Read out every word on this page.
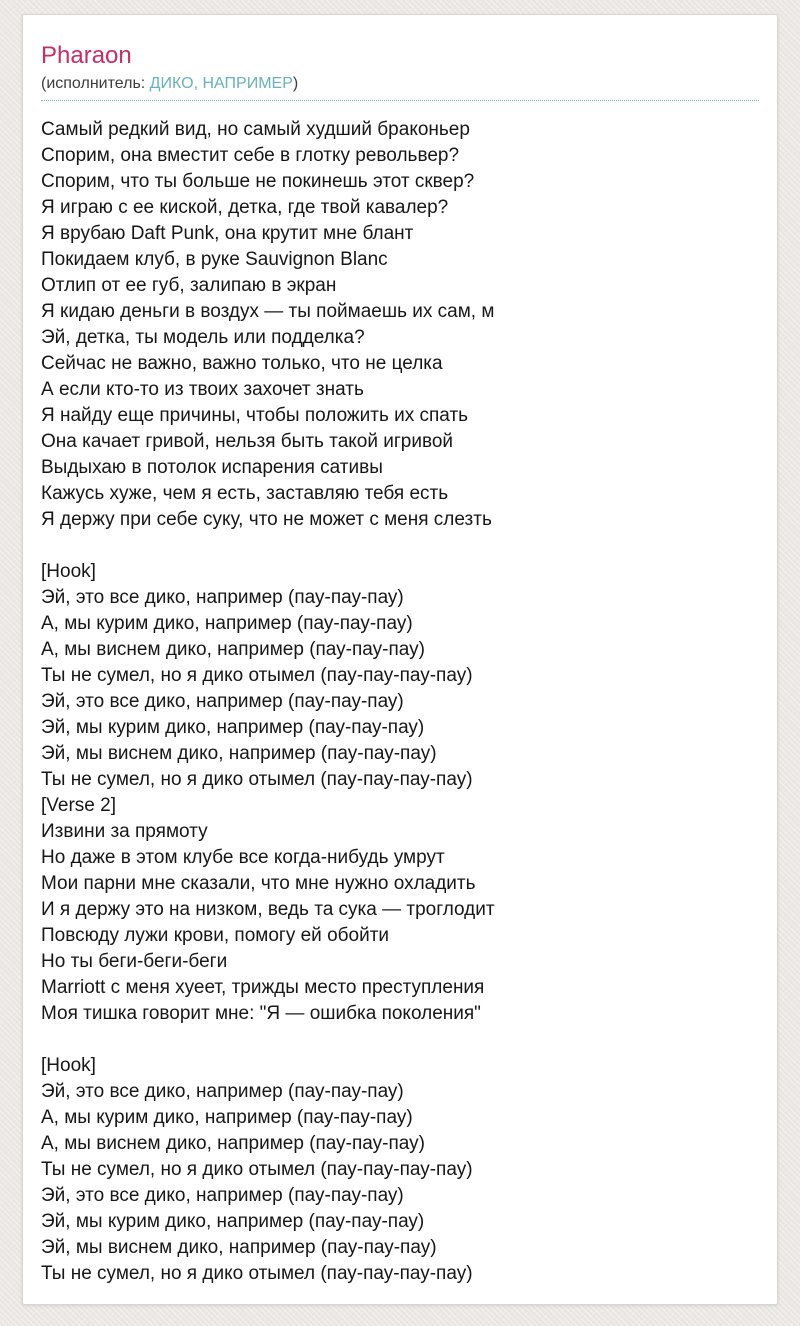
Pharaon
(исполнитель: ДИКО, НАПРИМЕР)
Самый редкий вид, но самый худший браконьер
Спорим, она вместит себе в глотку револьвер?
Спорим, что ты больше не покинешь этот сквер?
Я играю с ее киской, детка, где твой кавалер?
Я врубаю Daft Punk, она крутит мне блант
Покидаем клуб, в руке Sauvignon Blanc
Отлип от ее губ, залипаю в экран
Я кидаю деньги в воздух — ты поймаешь их сам, м
Эй, детка, ты модель или подделка?
Сейчас не важно, важно только, что не целка
А если кто-то из твоих захочет знать
Я найду еще причины, чтобы положить их спать
Она качает гривой, нельзя быть такой игривой
Выдыхаю в потолок испарения сативы
Кажусь хуже, чем я есть, заставляю тебя есть
Я держу при себе суку, что не может с меня слезть

[Hook]
Эй, это все дико, например (пау-пау-пау)
А, мы курим дико, например (пау-пау-пау)
А, мы виснем дико, например (пау-пау-пау)
Ты не сумел, но я дико отымел (пау-пау-пау-пау)
Эй, это все дико, например (пау-пау-пау)
Эй, мы курим дико, например (пау-пау-пау)
Эй, мы виснем дико, например (пау-пау-пау)
Ты не сумел, но я дико отымел (пау-пау-пау-пау)
[Verse 2]
Извини за прямоту
Но даже в этом клубе все когда-нибудь умрут
Мои парни мне сказали, что мне нужно охладить
И я держу это на низком, ведь та сука — троглодит
Повсюду лужи крови, помогу ей обойти
Но ты беги-беги-беги
Marriott с меня хуеет, трижды место преступления
Моя тишка говорит мне: "Я — ошибка поколения"

[Hook]
Эй, это все дико, например (пау-пау-пау)
А, мы курим дико, например (пау-пау-пау)
А, мы виснем дико, например (пау-пау-пау)
Ты не сумел, но я дико отымел (пау-пау-пау-пау)
Эй, это все дико, например (пау-пау-пау)
Эй, мы курим дико, например (пау-пау-пау)
Эй, мы виснем дико, например (пау-пау-пау)
Ты не сумел, но я дико отымел (пау-пау-пау-пау)
